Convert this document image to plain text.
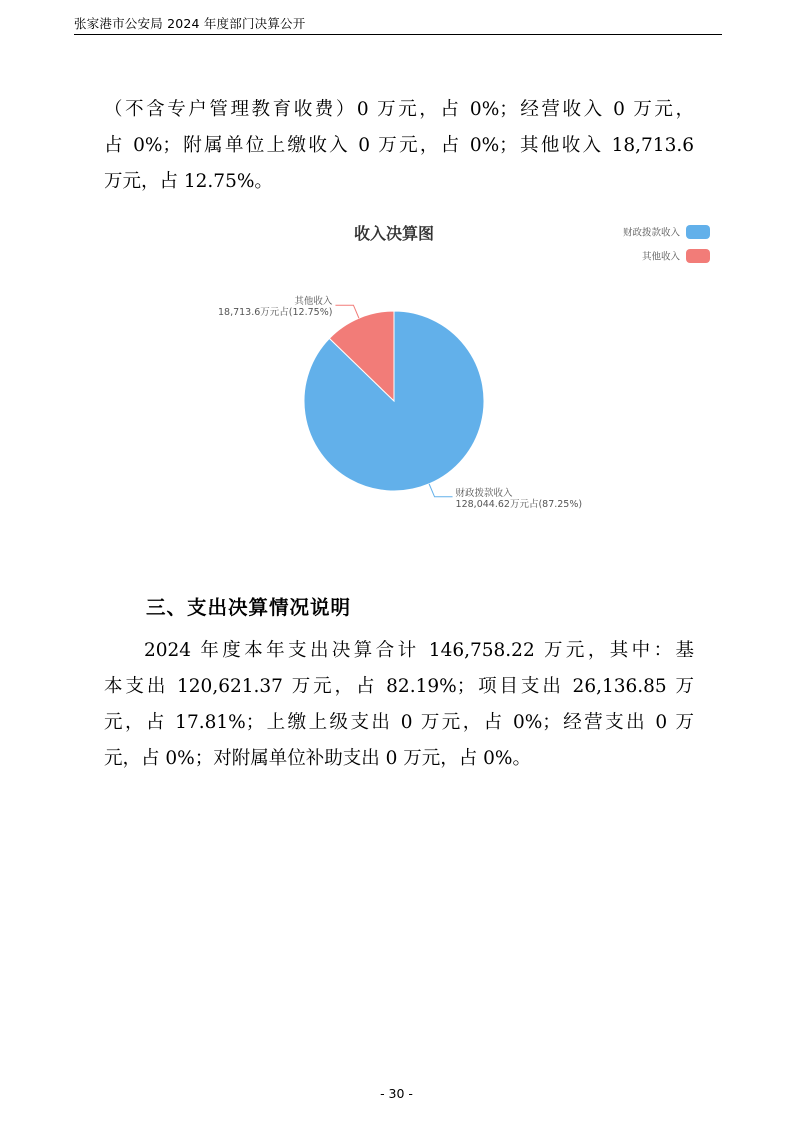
张家港市公安局 2024 年度部门决算公开
（不含专户管理教育收费）0 万元，占 0%；经营收入 0 万元，
占 0%；附属单位上缴收入 0 万元，占 0%；其他收入 18,713.6
万元，占 12.75%。
收入决算图	财政拨款收入
其他收入
财政拨款收入
128,044.62万元占(87.25%)
其他收入
18,713.6万元占(12.75%)
三、支出决算情况说明
2024 年度本年支出决算合计 146,758.22 万元，其中：基
本支出 120,621.37 万元，占 82.19%；项目支出 26,136.85 万
元，占 17.81%；上缴上级支出 0 万元，占 0%；经营支出 0 万
元，占 0%；对附属单位补助支出 0 万元，占 0%。
- 30 -
